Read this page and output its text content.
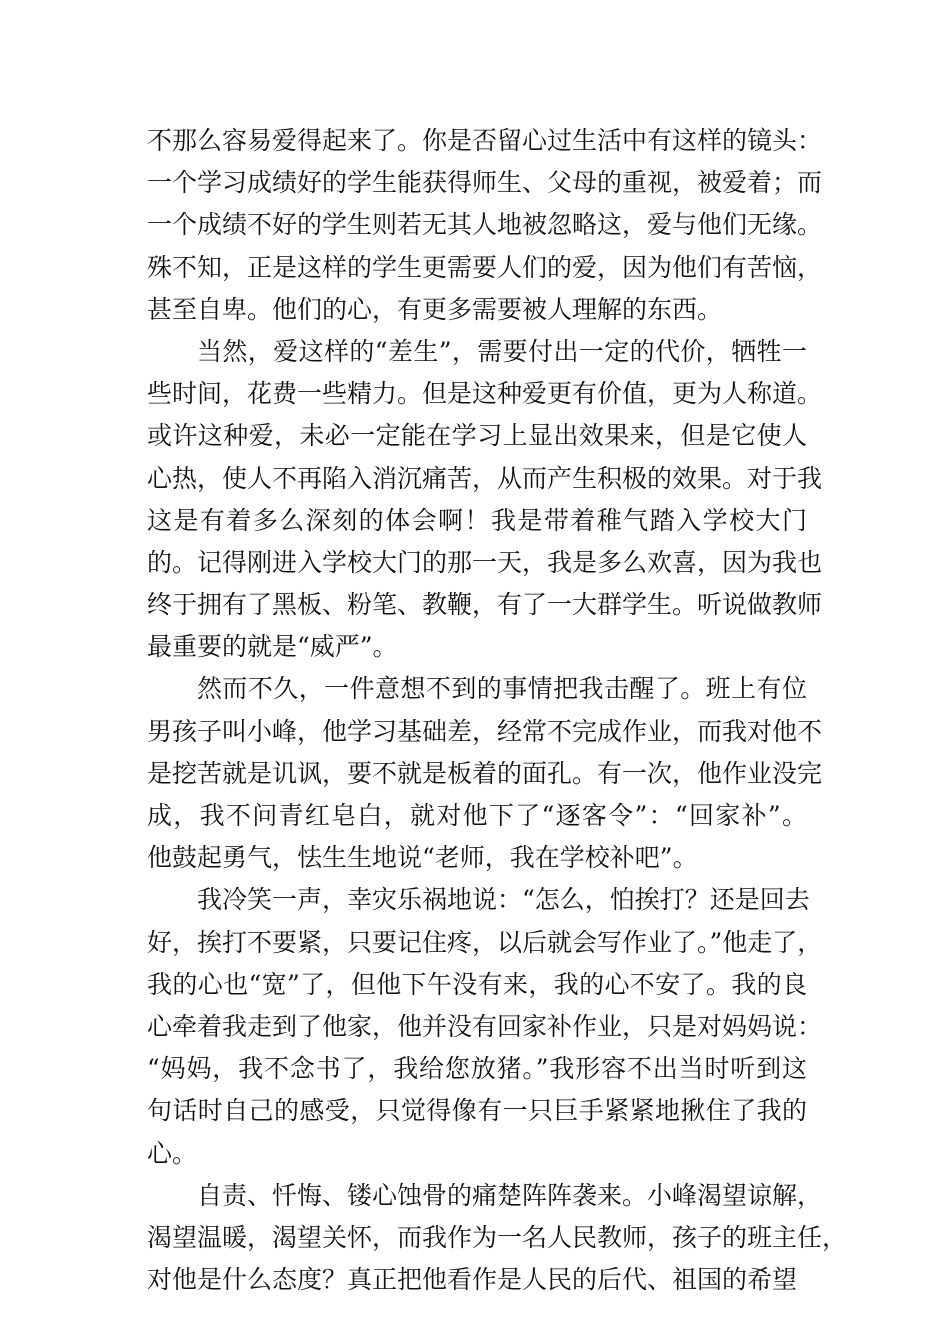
不那么容易爱得起来了。你是否留心过生活中有这样的镜头：
一个学习成绩好的学生能获得师生、父母的重视，被爱着；而
一个成绩不好的学生则若无其人地被忽略这，爱与他们无缘。
殊不知，正是这样的学生更需要人们的爱，因为他们有苦恼，
甚至自卑。他们的心，有更多需要被人理解的东西。
当然，爱这样的“差生”，需要付出一定的代价，牺牲一
些时间，花费一些精力。但是这种爱更有价值，更为人称道。
或许这种爱，未必一定能在学习上显出效果来，但是它使人
心热，使人不再陷入消沉痛苦，从而产生积极的效果。对于我
这是有着多么深刻的体会啊！我是带着稚气踏入学校大门
的。记得刚进入学校大门的那一天，我是多么欢喜，因为我也
终于拥有了黑板、粉笔、教鞭，有了一大群学生。听说做教师
最重要的就是“威严”。
然而不久，一件意想不到的事情把我击醒了。班上有位
男孩子叫小峰，他学习基础差，经常不完成作业，而我对他不
是挖苦就是讥讽，要不就是板着的面孔。有一次，他作业没完
成，我不问青红皂白，就对他下了“逐客令”：“回家补”。
他鼓起勇气，怯生生地说“老师，我在学校补吧”。
我冷笑一声，幸灾乐祸地说：“怎么，怕挨打？还是回去
好，挨打不要紧，只要记住疼，以后就会写作业了。”他走了，
我的心也“宽”了，但他下午没有来，我的心不安了。我的良
心牵着我走到了他家，他并没有回家补作业，只是对妈妈说：
“妈妈，我不念书了，我给您放猪。”我形容不出当时听到这
句话时自己的感受，只觉得像有一只巨手紧紧地揪住了我的
心。
自责、忏悔、镂心蚀骨的痛楚阵阵袭来。小峰渴望谅解，
渴望温暖，渴望关怀，而我作为一名人民教师，孩子的班主任，
对他是什么态度？真正把他看作是人民的后代、祖国的希望
